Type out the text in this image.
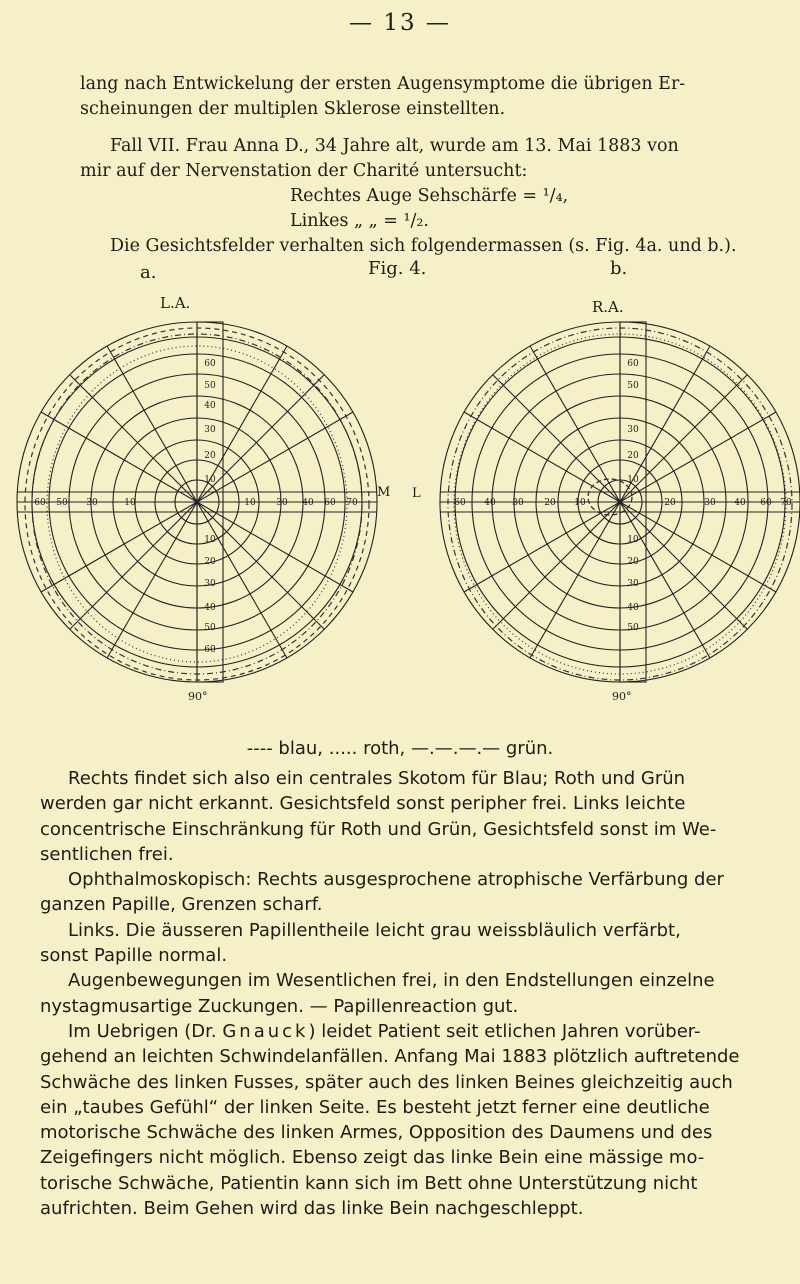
— 13 —
lang nach Entwickelung der ersten Augensymptome die übrigen Er-
scheinungen der multiplen Sklerose einstellten.
Fall VII. Frau Anna D., 34 Jahre alt, wurde am 13. Mai 1883 von
mir auf der Nervenstation der Charité untersucht:
Rechtes Auge Sehschärfe = ¹/₄,
Linkes „ „ = ¹/₂.
Die Gesichtsfelder verhalten sich folgendermassen (s. Fig. 4a. und b.).
a.	Fig. 4.	b.
L.A.	R.A.
M L
90°	90°
60
50
40
30
20
10
10
20
30
40
50
60
60 50 30	10	10 30 40 60 70
60
50
30
20
10
10
20
30
40
50
60 40 30 20 10	20	30 40 60 70
---- blau, ..... roth, —.—.—.— grün.

Rechts findet sich also ein centrales Skotom für Blau; Roth und Grün

werden gar nicht erkannt. Gesichtsfeld sonst peripher frei. Links leichte

concentrische Einschränkung für Roth und Grün, Gesichtsfeld sonst im We-

sentlichen frei.

Ophthalmoskopisch: Rechts ausgesprochene atrophische Verfärbung der

ganzen Papille, Grenzen scharf.

Links. Die äusseren Papillentheile leicht grau weissbläulich verfärbt,

sonst Papille normal.

Augenbewegungen im Wesentlichen frei, in den Endstellungen einzelne

nystagmusartige Zuckungen. — Papillenreaction gut.

Im Uebrigen (Dr. Gnauck) leidet Patient seit etlichen Jahren vorüber-

gehend an leichten Schwindelanfällen. Anfang Mai 1883 plötzlich auftretende

Schwäche des linken Fusses, später auch des linken Beines gleichzeitig auch

ein „taubes Gefühl“ der linken Seite. Es besteht jetzt ferner eine deutliche

motorische Schwäche des linken Armes, Opposition des Daumens und des

Zeigefingers nicht möglich. Ebenso zeigt das linke Bein eine mässige mo-

torische Schwäche, Patientin kann sich im Bett ohne Unterstützung nicht

aufrichten. Beim Gehen wird das linke Bein nachgeschleppt.
